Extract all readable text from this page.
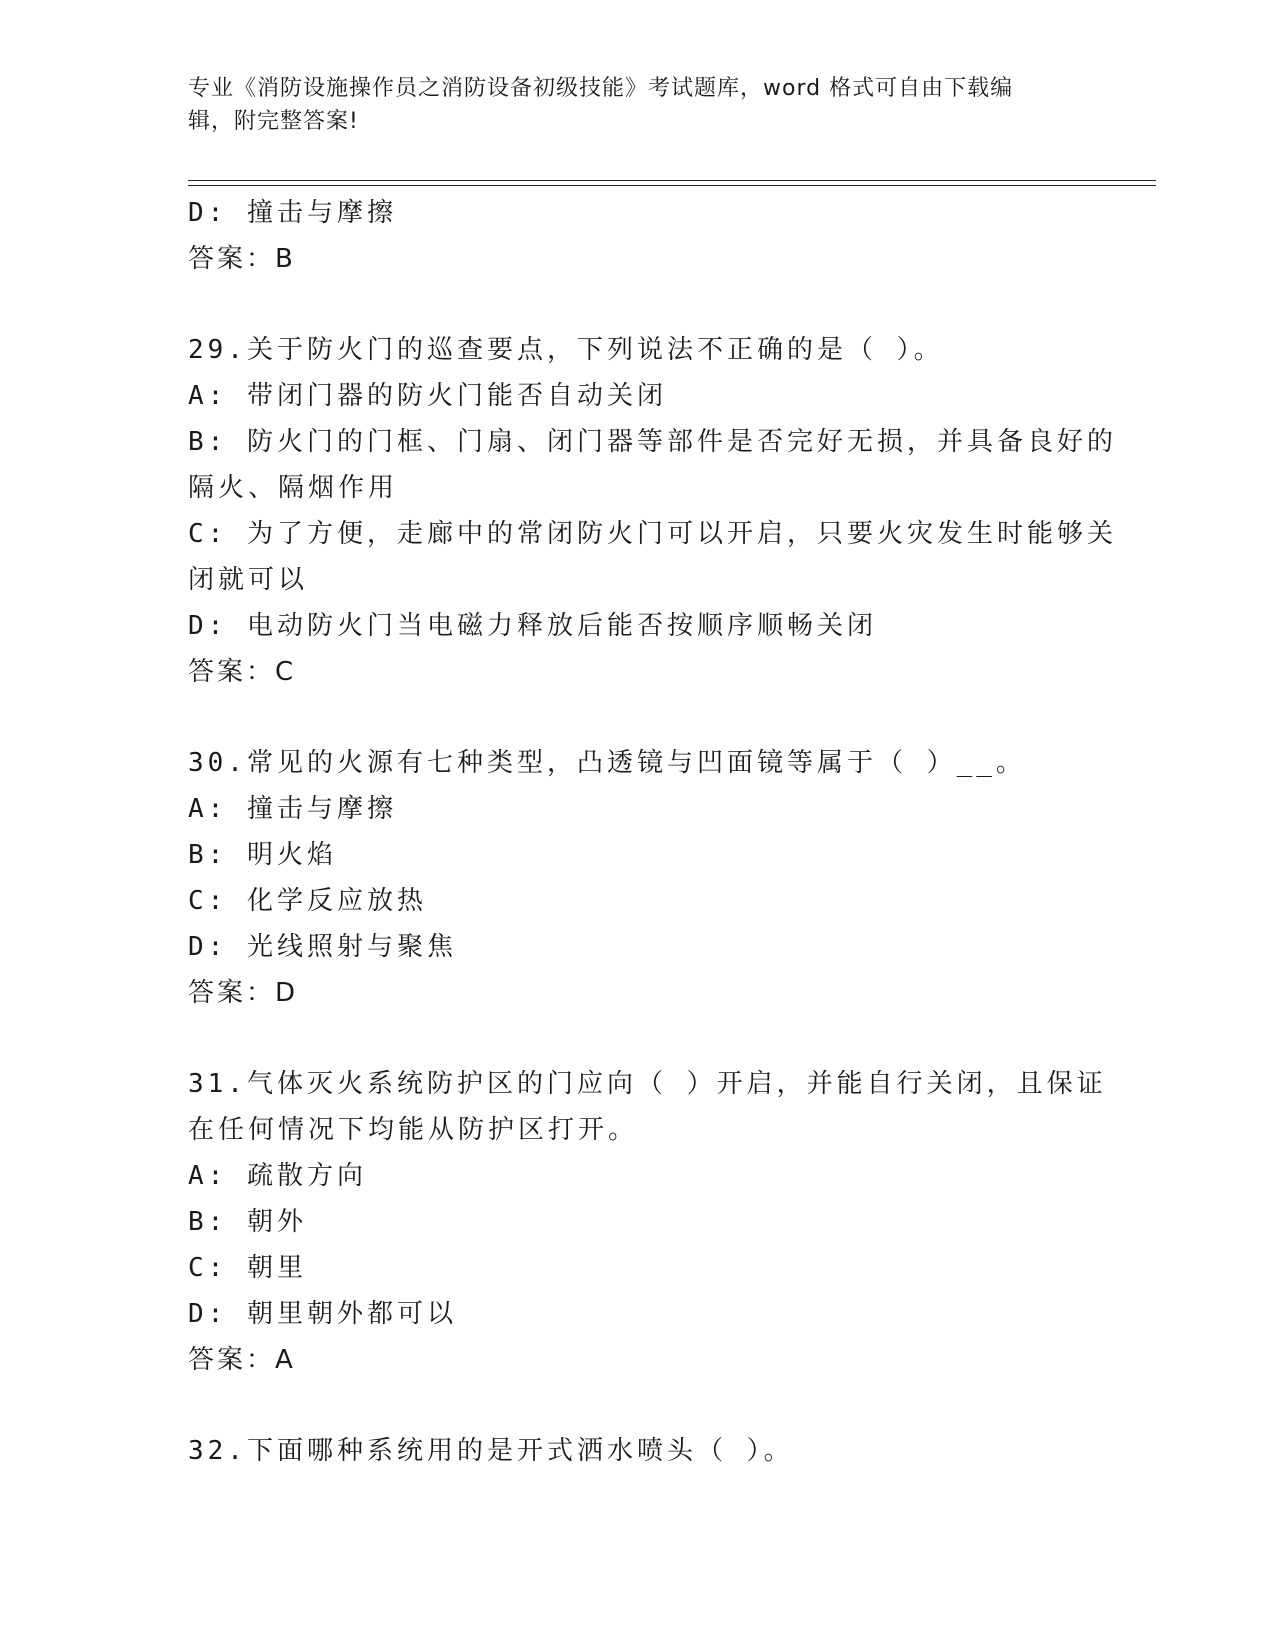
专业《消防设施操作员之消防设备初级技能》考试题库，word 格式可自由下载编
辑，附完整答案!
D: 撞击与摩擦
答案：B
29.关于防火门的巡查要点，下列说法不正确的是（ ）。
A: 带闭门器的防火门能否自动关闭
B: 防火门的门框、门扇、闭门器等部件是否完好无损，并具备良好的
隔火、隔烟作用
C: 为了方便，走廊中的常闭防火门可以开启，只要火灾发生时能够关
闭就可以
D: 电动防火门当电磁力释放后能否按顺序顺畅关闭
答案：C
30.常见的火源有七种类型，凸透镜与凹面镜等属于（ ）__。
A: 撞击与摩擦
B: 明火焰
C: 化学反应放热
D: 光线照射与聚焦
答案：D
31.气体灭火系统防护区的门应向（ ）开启，并能自行关闭，且保证
在任何情况下均能从防护区打开。
A: 疏散方向
B: 朝外
C: 朝里
D: 朝里朝外都可以
答案：A
32.下面哪种系统用的是开式洒水喷头（ ）。
